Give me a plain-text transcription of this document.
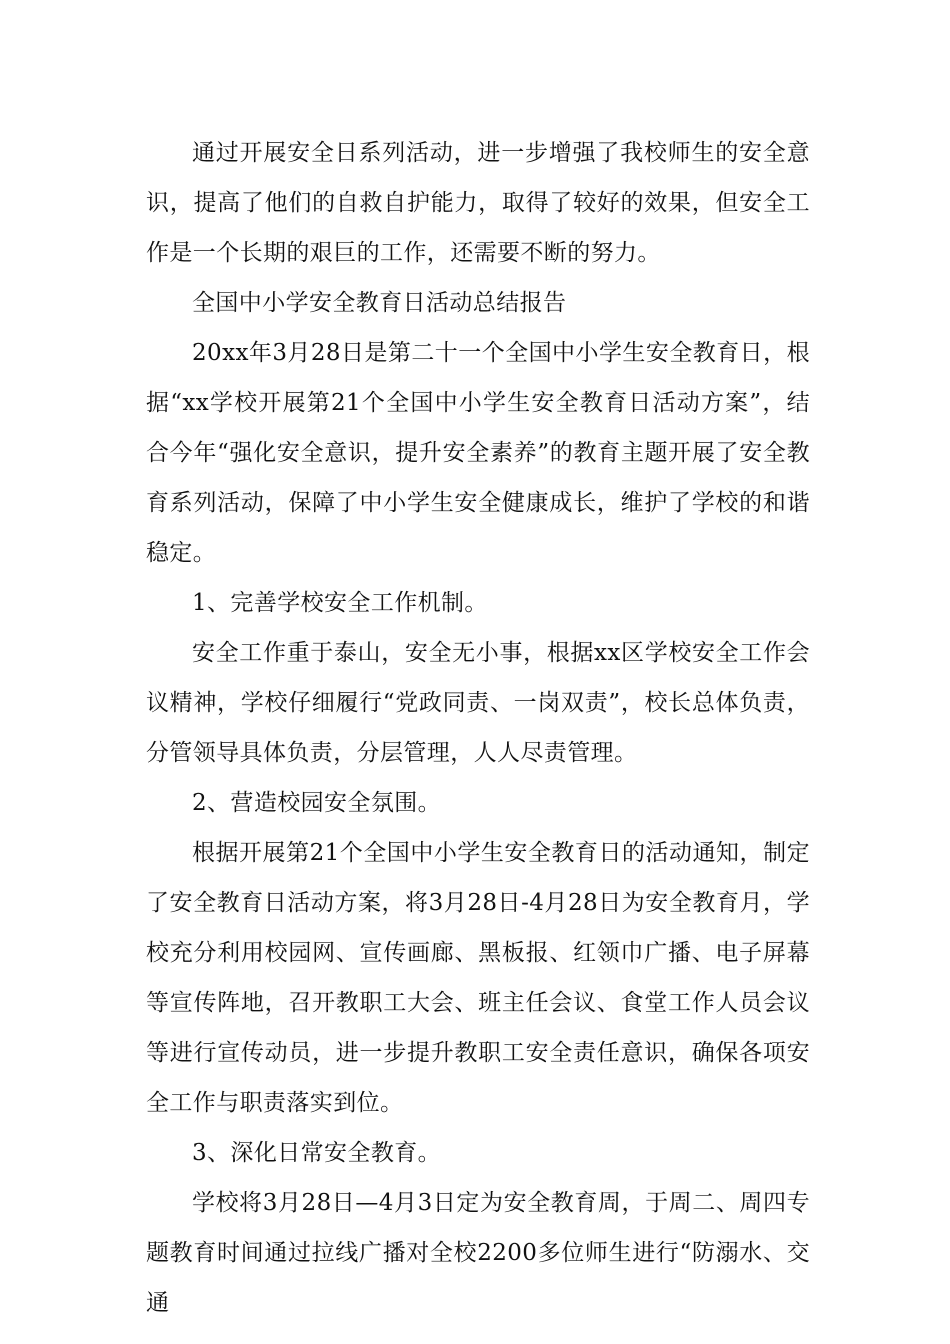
通过开展安全日系列活动，进一步增强了我校师生的安全意识，提高了他们的自救自护能力，取得了较好的效果，但安全工作是一个长期的艰巨的工作，还需要不断的努力。

全国中小学安全教育日活动总结报告

20xx年3月28日是第二十一个全国中小学生安全教育日，根据“xx学校开展第21个全国中小学生安全教育日活动方案”，结合今年“强化安全意识，提升安全素养”的教育主题开展了安全教育系列活动，保障了中小学生安全健康成长，维护了学校的和谐稳定。

1、完善学校安全工作机制。

安全工作重于泰山，安全无小事，根据xx区学校安全工作会议精神，学校仔细履行“党政同责、一岗双责”，校长总体负责，分管领导具体负责，分层管理，人人尽责管理。

2、营造校园安全氛围。

根据开展第21个全国中小学生安全教育日的活动通知，制定了安全教育日活动方案，将3月28日-4月28日为安全教育月，学校充分利用校园网、宣传画廊、黑板报、红领巾广播、电子屏幕等宣传阵地，召开教职工大会、班主任会议、食堂工作人员会议等进行宣传动员，进一步提升教职工安全责任意识，确保各项安全工作与职责落实到位。

3、深化日常安全教育。

学校将3月28日—4月3日定为安全教育周，于周二、周四专题教育时间通过拉线广播对全校2200多位师生进行“防溺水、交通
